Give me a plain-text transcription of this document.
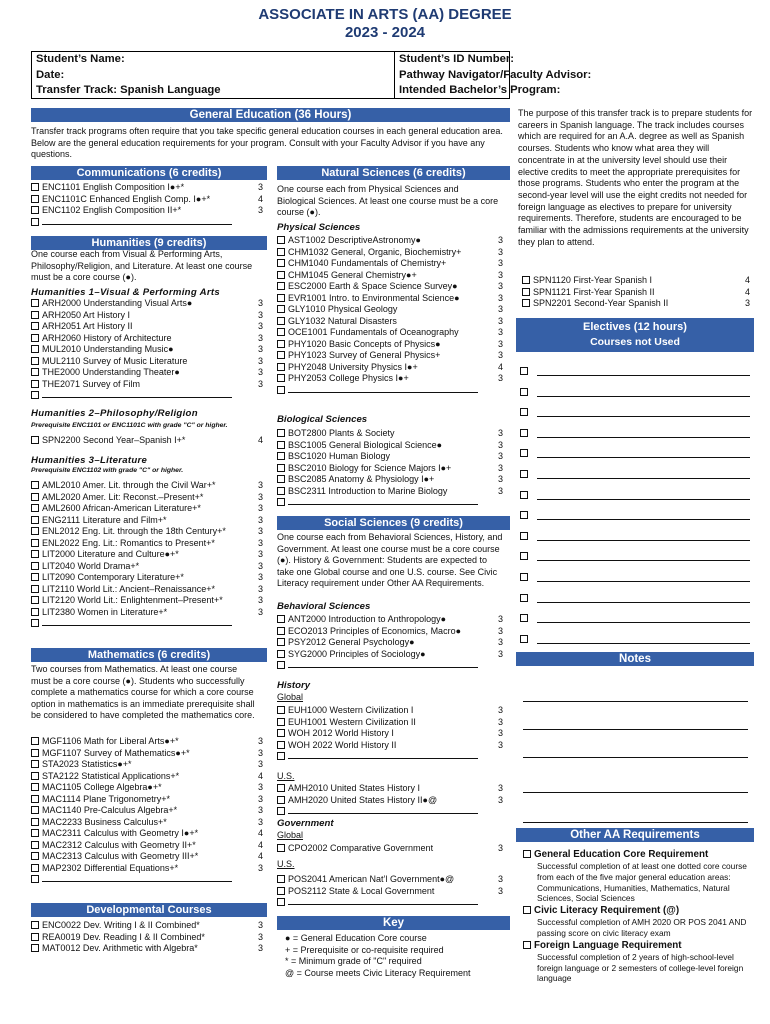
ASSOCIATE IN ARTS (AA) DEGREE
2023 - 2024
Student’s Name:
Date:
Transfer Track: Spanish Language
Student’s ID Number:
Pathway Navigator/Faculty Advisor:
Intended Bachelor’s Program:
General Education (36 Hours)
Transfer track programs often require that you take specific general education courses in each general education area. Below are the general education requirements for your program. Consult with your Faculty Advisor if you have any questions.
Communications (6 credits)
ENC1101 English Composition I●+*	3
ENC1101C Enhanced English Comp. I●+*	4
ENC1102 English Composition II+*	3
Humanities (9 credits)
One course each from Visual & Performing Arts, Philosophy/Religion, and Literature. At least one course must be a core course (●).
Humanities 1–Visual & Performing Arts
ARH2000 Understanding Visual Arts●	3
ARH2050 Art History I	3
ARH2051 Art History II	3
ARH2060 History of Architecture	3
MUL2010 Understanding Music●	3
MUL2110 Survey of Music Literature	3
THE2000 Understanding Theater●	3
THE2071 Survey of Film	3
Humanities 2–Philosophy/Religion
Prerequisite ENC1101 or ENC1101C with grade "C" or higher.
SPN2200 Second Year–Spanish I+*	4
Humanities 3–Literature
Prerequisite ENC1102 with grade "C" or higher.
AML2010 Amer. Lit. through the Civil War+*	3
AML2020 Amer. Lit: Reconst.–Present+*	3
AML2600 African-American Literature+*	3
ENG2111 Literature and Film+*	3
ENL2012 Eng. Lit. through the 18th Century+*	3
ENL2022 Eng. Lit.: Romantics to Present+*	3
LIT2000 Literature and Culture●+*	3
LIT2040 World Drama+*	3
LIT2090 Contemporary Literature+*	3
LIT2110 World Lit.: Ancient–Renaissance+*	3
LIT2120 World Lit.: Enlightenment–Present+*	3
LIT2380 Women in Literature+*	3
Mathematics (6 credits)
Two courses from Mathematics. At least one course must be a core course (●). Students who successfully complete a mathematics course for which a core course option in mathematics is an immediate prerequisite shall be considered to have completed the mathematics core.
MGF1106 Math for Liberal Arts●+*	3
MGF1107 Survey of Mathematics●+*	3
STA2023 Statistics●+*	3
STA2122 Statistical Applications+*	4
MAC1105 College Algebra●+*	3
MAC1114 Plane Trigonometry+*	3
MAC1140 Pre-Calculus Algebra+*	3
MAC2233 Business Calculus+*	3
MAC2311 Calculus with Geometry I●+*	4
MAC2312 Calculus with Geometry II+*	4
MAC2313 Calculus with Geometry III+*	4
MAP2302 Differential Equations+*	3
Developmental Courses
ENC0022 Dev. Writing I & II Combined*	3
REA0019 Dev. Reading I & II Combined*	3
MAT0012 Dev. Arithmetic with Algebra*	3
Natural Sciences (6 credits)
One course each from Physical Sciences and Biological Sciences. At least one course must be a core course (●).
Physical Sciences
AST1002 DescriptiveAstronomy●	3
CHM1032 General, Organic, Biochemistry+	3
CHM1040 Fundamentals of Chemistry+	3
CHM1045 General Chemistry●+	3
ESC2000 Earth & Space Science Survey●	3
EVR1001 Intro. to Environmental Science●	3
GLY1010 Physical Geology	3
GLY1032 Natural Disasters	3
OCE1001 Fundamentals of Oceanography	3
PHY1020 Basic Concepts of Physics●	3
PHY1023 Survey of General Physics+	3
PHY2048 University Physics I●+	4
PHY2053 College Physics I●+	3
Biological Sciences
BOT2800 Plants & Society	3
BSC1005 General Biological Science●	3
BSC1020 Human Biology	3
BSC2010 Biology for Science Majors I●+	3
BSC2085 Anatomy & Physiology I●+	3
BSC2311 Introduction to Marine Biology	3
Social Sciences (9 credits)
One course each from Behavioral Sciences, History, and Government. At least one course must be a core course (●). History & Government: Students are expected to take one Global course and one U.S. course. See Civic Literacy requirement under Other AA Requirements.
Behavioral Sciences
ANT2000 Introduction to Anthropology●	3
ECO2013 Principles of Economics, Macro●	3
PSY2012 General Psychology●	3
SYG2000 Principles of Sociology●	3
History
Global
EUH1000 Western Civilization I	3
EUH1001 Western Civilization II	3
WOH 2012 World History I	3
WOH 2022 World History II	3
U.S.
AMH2010 United States History I	3
AMH2020 United States History II●@	3
Government
Global
CPO2002 Comparative Government	3
U.S.
POS2041 American Nat’l Government●@	3
POS2112 State & Local Government	3
Key
● = General Education Core course
+ = Prerequisite or co-requisite required
* = Minimum grade of "C" required
@ = Course meets Civic Literacy Requirement
The purpose of this transfer track is to prepare students for careers in Spanish language. The track includes courses which are required for an A.A. degree as well as Spanish courses. Students who know what area they will concentrate in at the university level should use their elective credits to meet the appropriate prerequisites for those programs. Students who enter the program at the second-year level will use the eight credits not needed for foreign language as electives to prepare for university requirements. Therefore, students are encouraged to be familiar with the admissions requirements at the university they plan to attend.
SPN1120 First-Year Spanish I	4
SPN1121 First-Year Spanish II	4
SPN2201 Second-Year Spanish II	3
Electives (12 hours)
Courses not Used
Notes
Other AA Requirements
General Education Core Requirement
Successful completion of at least one dotted core course from each of the five major general education areas: Communications, Humanities, Mathematics, Natural Sciences, Social Sciences
Civic Literacy Requirement (@)
Successful completion of AMH 2020 OR POS 2041 AND passing score on civic literacy exam
Foreign Language Requirement
Successful completion of 2 years of high-school-level foreign language or 2 semesters of college-level foreign language
